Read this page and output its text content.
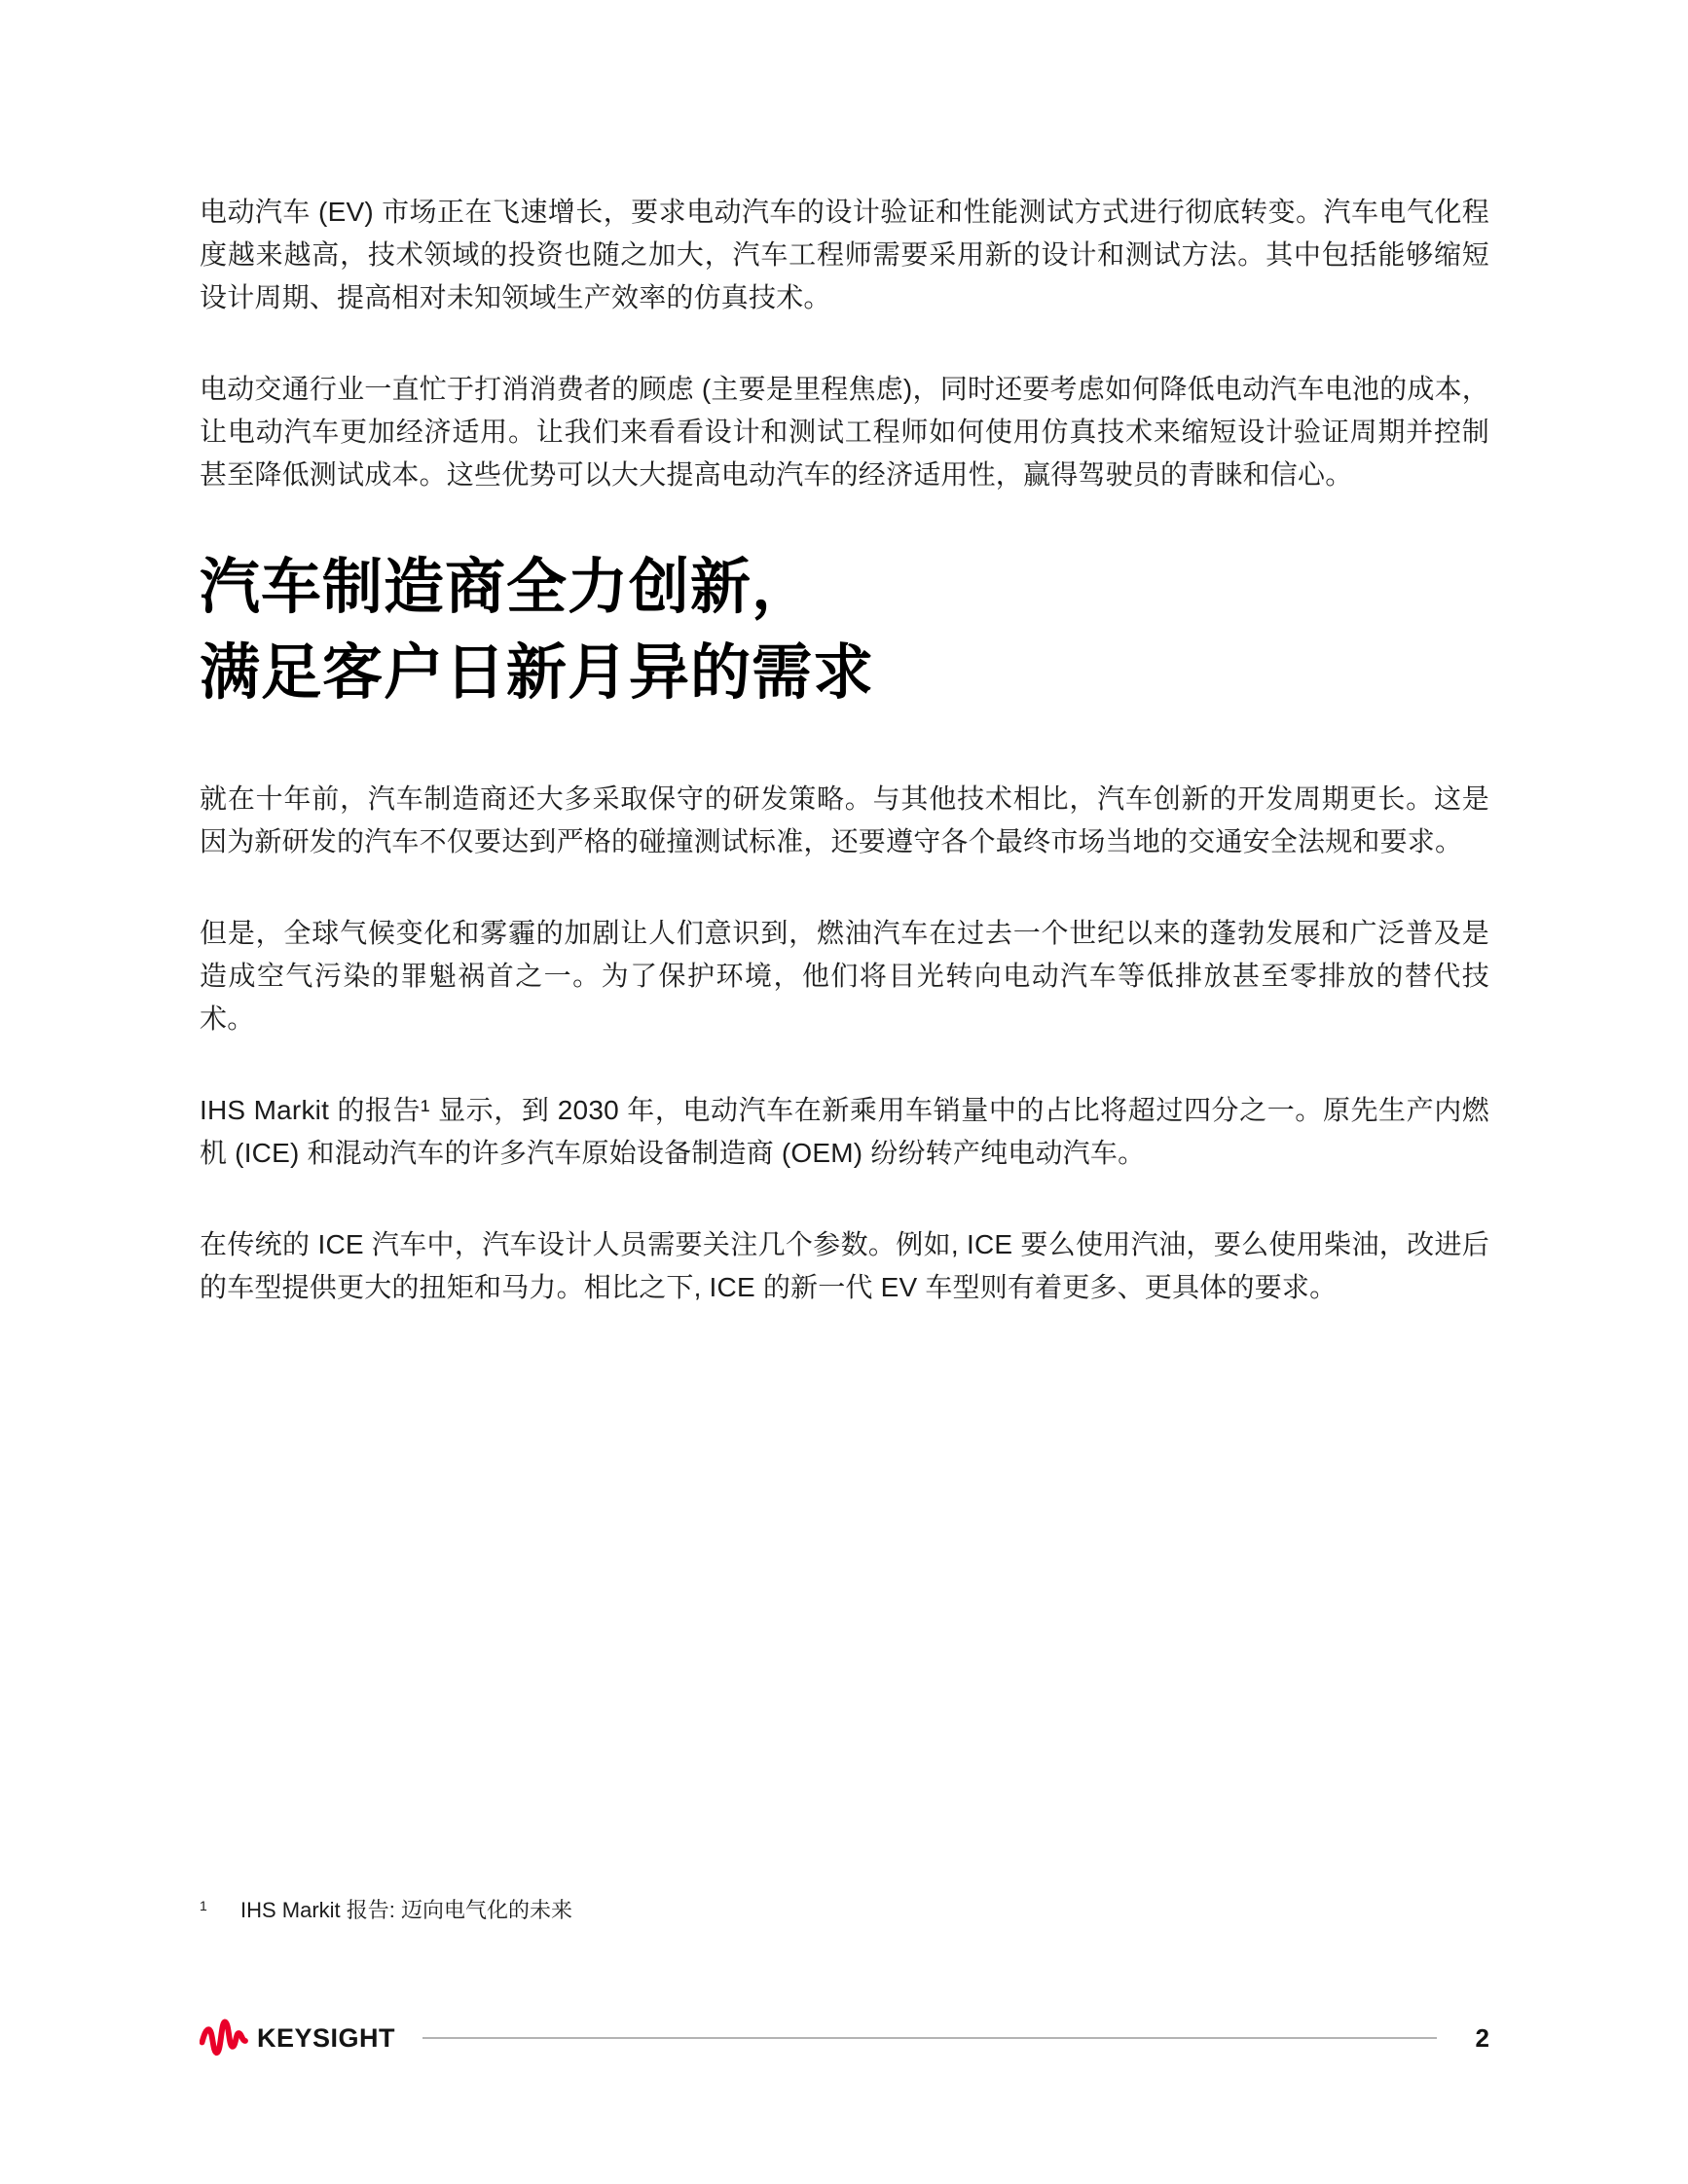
电动汽车 (EV) 市场正在飞速增长，要求电动汽车的设计验证和性能测试方式进行彻底转变。汽车电气化程度越来越高，技术领域的投资也随之加大，汽车工程师需要采用新的设计和测试方法。其中包括能够缩短设计周期、提高相对未知领域生产效率的仿真技术。

电动交通行业一直忙于打消消费者的顾虑 (主要是里程焦虑)，同时还要考虑如何降低电动汽车电池的成本，让电动汽车更加经济适用。让我们来看看设计和测试工程师如何使用仿真技术来缩短设计验证周期并控制甚至降低测试成本。这些优势可以大大提高电动汽车的经济适用性，赢得驾驶员的青睐和信心。

汽车制造商全力创新，
满足客户日新月异的需求

就在十年前，汽车制造商还大多采取保守的研发策略。与其他技术相比，汽车创新的开发周期更长。这是因为新研发的汽车不仅要达到严格的碰撞测试标准，还要遵守各个最终市场当地的交通安全法规和要求。

但是，全球气候变化和雾霾的加剧让人们意识到，燃油汽车在过去一个世纪以来的蓬勃发展和广泛普及是造成空气污染的罪魁祸首之一。为了保护环境，他们将目光转向电动汽车等低排放甚至零排放的替代技术。

IHS Markit 的报告¹ 显示，到 2030 年，电动汽车在新乘用车销量中的占比将超过四分之一。原先生产内燃机 (ICE) 和混动汽车的许多汽车原始设备制造商 (OEM) 纷纷转产纯电动汽车。

在传统的 ICE 汽车中，汽车设计人员需要关注几个参数。例如, ICE 要么使用汽油，要么使用柴油，改进后的车型提供更大的扭矩和马力。相比之下, ICE 的新一代 EV 车型则有着更多、更具体的要求。

1	IHS Markit 报告: 迈向电气化的未来
KEYSIGHT	2
